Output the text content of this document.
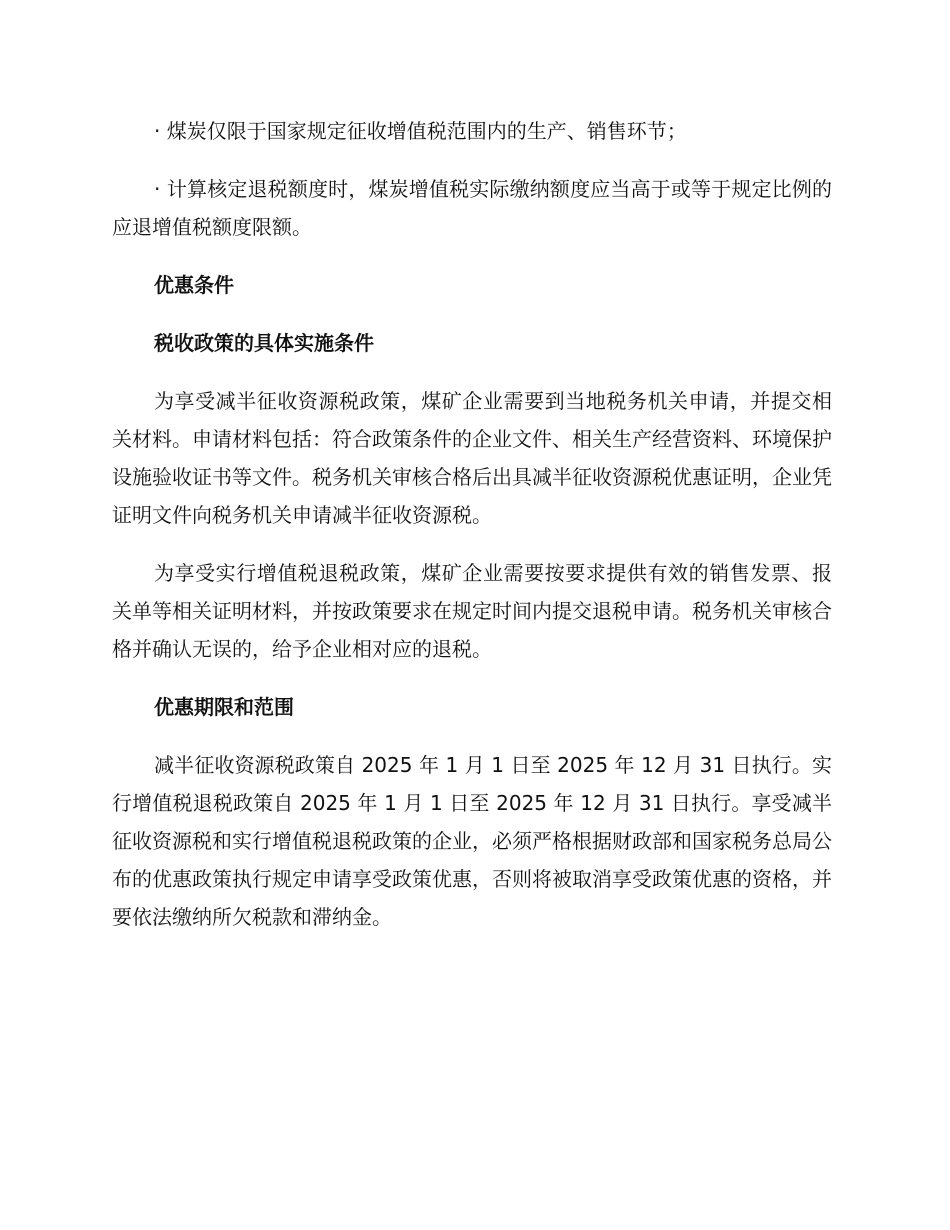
· 煤炭仅限于国家规定征收增值税范围内的生产、销售环节；

· 计算核定退税额度时，煤炭增值税实际缴纳额度应当高于或等于规定比例的应退增值税额度限额。

优惠条件

税收政策的具体实施条件

为享受减半征收资源税政策，煤矿企业需要到当地税务机关申请，并提交相关材料。申请材料包括：符合政策条件的企业文件、相关生产经营资料、环境保护设施验收证书等文件。税务机关审核合格后出具减半征收资源税优惠证明，企业凭证明文件向税务机关申请减半征收资源税。

为享受实行增值税退税政策，煤矿企业需要按要求提供有效的销售发票、报关单等相关证明材料，并按政策要求在规定时间内提交退税申请。税务机关审核合格并确认无误的，给予企业相对应的退税。

优惠期限和范围

减半征收资源税政策自 2025 年 1 月 1 日至 2025 年 12 月 31 日执行。实行增值税退税政策自 2025 年 1 月 1 日至 2025 年 12 月 31 日执行。享受减半征收资源税和实行增值税退税政策的企业，必须严格根据财政部和国家税务总局公布的优惠政策执行规定申请享受政策优惠，否则将被取消享受政策优惠的资格，并要依法缴纳所欠税款和滞纳金。
